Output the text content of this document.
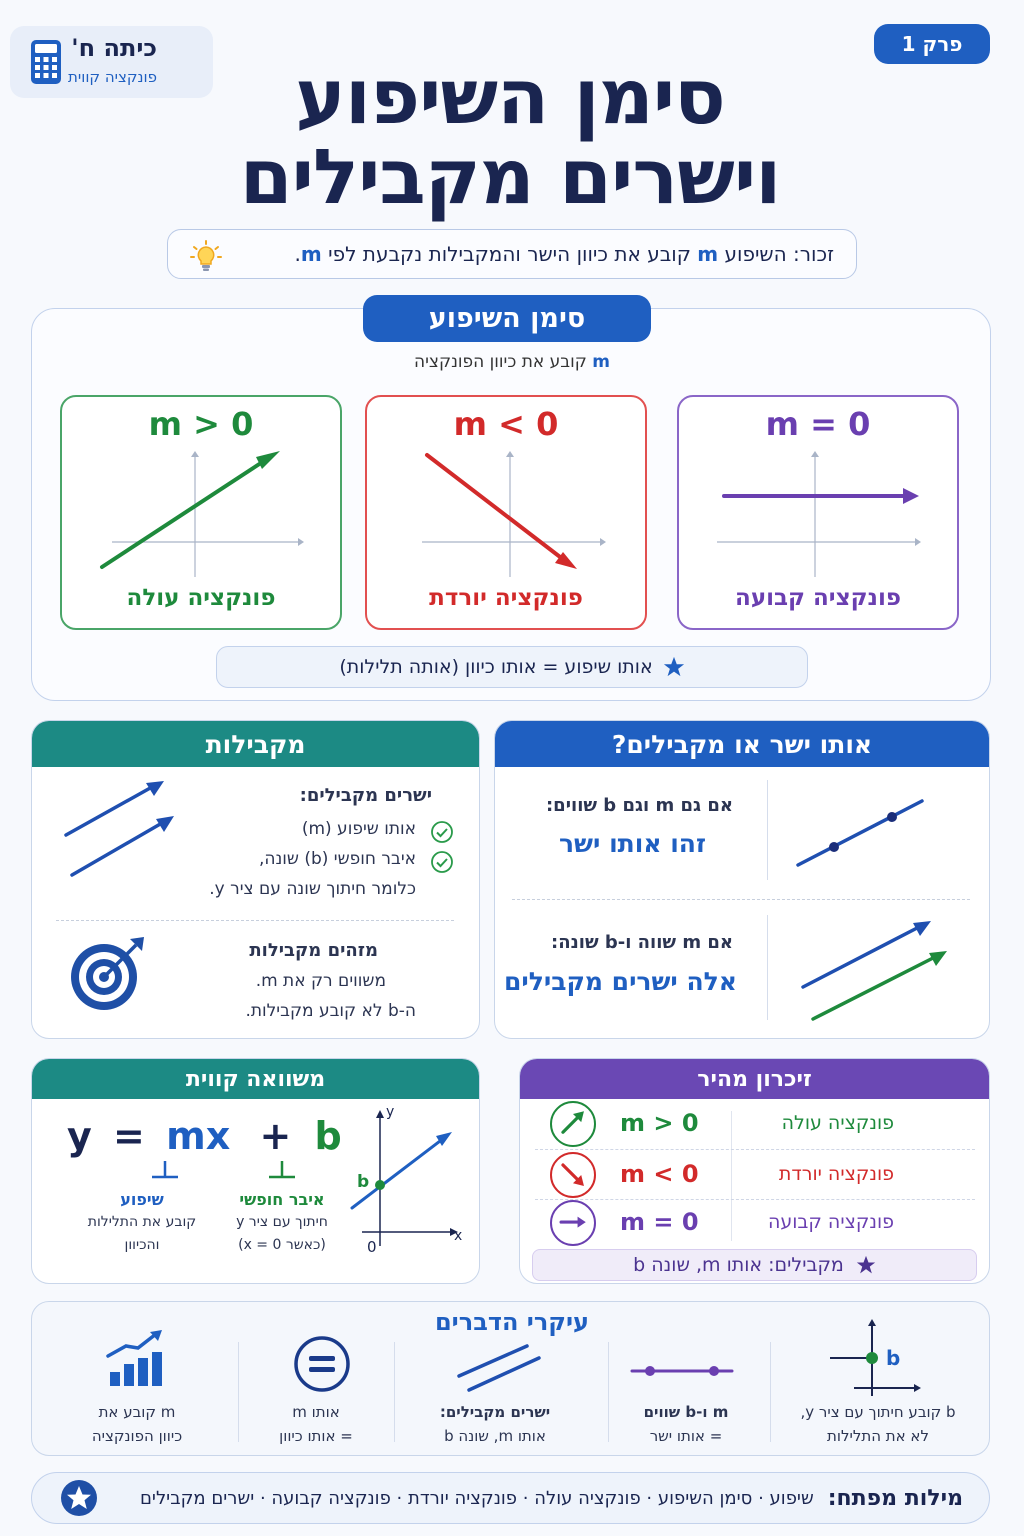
פרק 1
כיתה ח'
פונקציה קווית	סימן השיפוע
וישרים מקבילים
זכור: השיפוע m קובע את כיוון הישר והמקבילות נקבעת לפי m.
סימן השיפוע
m קובע את כיוון הפונקציה
m > 0
פונקציה עולה
m < 0
פונקציה יורדת
m = 0
פונקציה קבועה
אותו שיפוע = אותו כיוון (אותה תלילות)
מקבילות
ישרים מקבילים:
אותו שיפוע (m)
איבר חופשי (b) שונה,
כלומר חיתוך שונה עם ציר y.
מזהים מקבילות
משווים רק את m.
ה-b לא קובע מקבילות.
אותו ישר או מקבילים?
אם גם m וגם b שווים:
זהו אותו ישר
אם m שווה ו-b שונה:
אלה ישרים מקבילים
משוואה קווית
y = mx + b
שיפוע
קובע את התלילות
והכיוון
איבר חופשי
חיתוך עם ציר y
(כאשר x = 0)
y
x
0
b
זיכרון מהיר
m > 0	פונקציה עולה
m < 0	פונקציה יורדת
m = 0	פונקציה קבועה
מקבילים: אותו m, שונה b
עיקרי הדברים
m קובע את
כיוון הפונקציה
אותו m
= אותו כיוון
ישרים מקבילים:
אותו m, שונה b
m ו-b שווים
= אותו ישר
b
b קובע חיתוך עם ציר y,
לא את התלילות
מילות מפתח:
שיפוע · סימן השיפוע · פונקציה עולה · פונקציה יורדת · פונקציה קבועה · ישרים מקבילים
